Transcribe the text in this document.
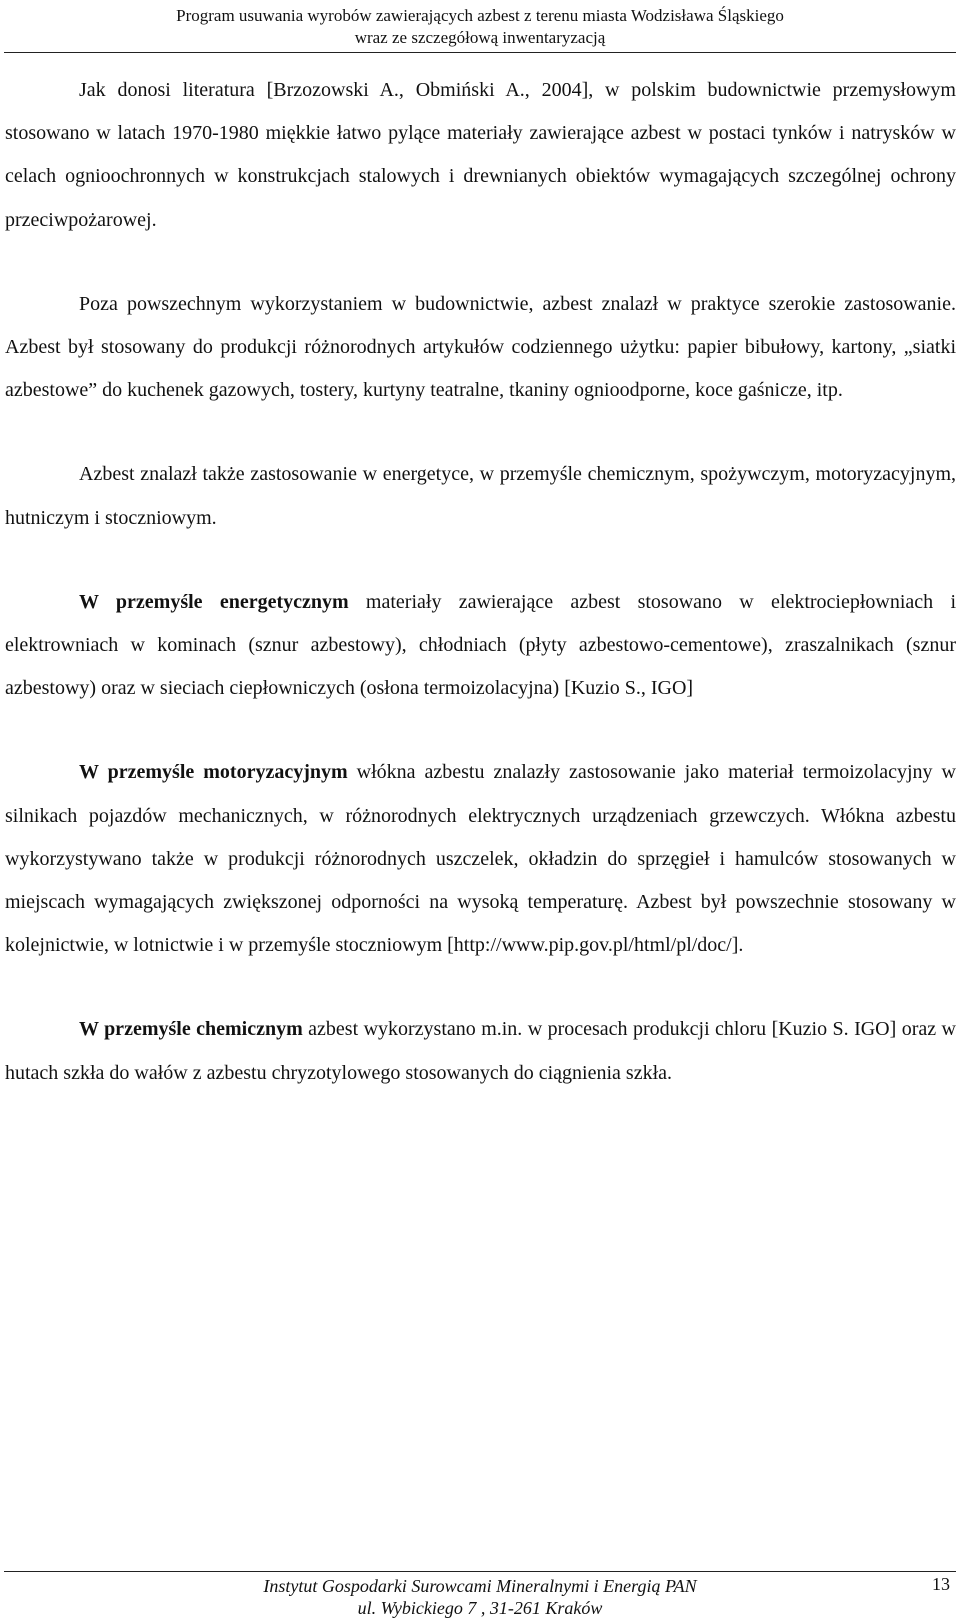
Program usuwania wyrobów zawierających azbest z terenu miasta Wodzisława Śląskiego
wraz ze szczegółową inwentaryzacją

Jak donosi literatura [Brzozowski A., Obmiński A., 2004], w polskim budownictwie przemysłowym stosowano w latach 1970-1980 miękkie łatwo pylące materiały zawierające azbest w postaci tynków i natrysków w celach ognioochronnych w konstrukcjach stalowych i drewnianych obiektów wymagających szczególnej ochrony przeciwpożarowej.

Poza powszechnym wykorzystaniem w budownictwie, azbest znalazł w praktyce szerokie zastosowanie. Azbest był stosowany do produkcji różnorodnych artykułów codziennego użytku: papier bibułowy, kartony, „siatki azbestowe” do kuchenek gazowych, tostery, kurtyny teatralne, tkaniny ognioodporne, koce gaśnicze, itp.

Azbest znalazł także zastosowanie w energetyce, w przemyśle chemicznym, spożywczym, motoryzacyjnym, hutniczym i stoczniowym.

W przemyśle energetycznym materiały zawierające azbest stosowano w elektrociepłowniach i elektrowniach w kominach (sznur azbestowy), chłodniach (płyty azbestowo-cementowe), zraszalnikach (sznur azbestowy) oraz w sieciach ciepłowniczych (osłona termoizolacyjna) [Kuzio S., IGO]

W przemyśle motoryzacyjnym włókna azbestu znalazły zastosowanie jako materiał termoizolacyjny w silnikach pojazdów mechanicznych, w różnorodnych elektrycznych urządzeniach grzewczych. Włókna azbestu wykorzystywano także w produkcji różnorodnych uszczelek, okładzin do sprzęgieł i hamulców stosowanych w miejscach wymagających zwiększonej odporności na wysoką temperaturę. Azbest był powszechnie stosowany w kolejnictwie, w lotnictwie i w przemyśle stoczniowym [http://www.pip.gov.pl/html/pl/doc/].

W przemyśle chemicznym azbest wykorzystano m.in. w procesach produkcji chloru [Kuzio S. IGO] oraz w hutach szkła do wałów z azbestu chryzotylowego stosowanych do ciągnienia szkła.

Instytut Gospodarki Surowcami Mineralnymi i Energią PAN
ul. Wybickiego 7 , 31-261 Kraków
13
